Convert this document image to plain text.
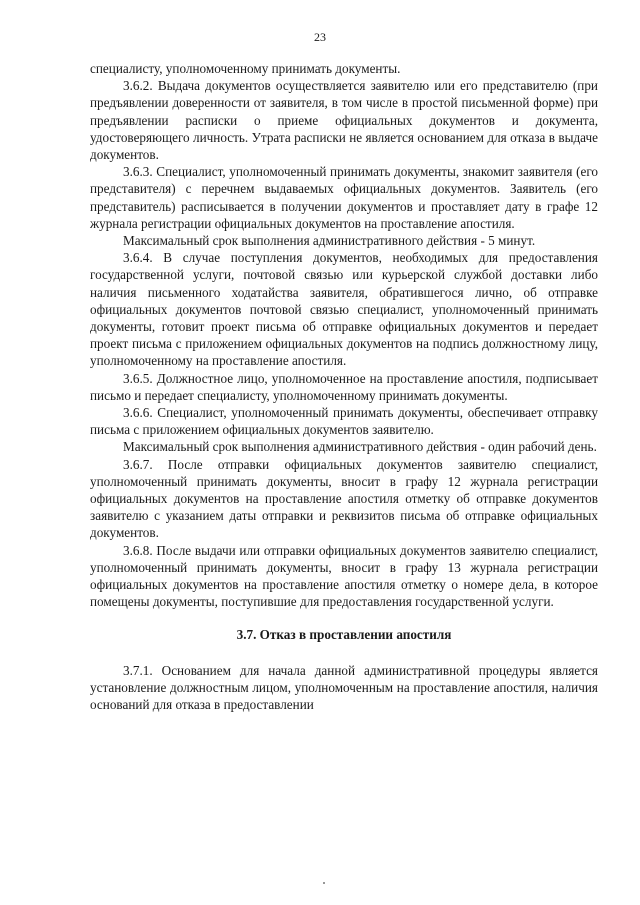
23

специалисту, уполномоченному принимать документы.

3.6.2. Выдача документов осуществляется заявителю или его представителю (при предъявлении доверенности от заявителя, в том числе в простой письменной форме) при предъявлении расписки о приеме официальных документов и документа, удостоверяющего личность. Утрата расписки не является основанием для отказа в выдаче документов.

3.6.3. Специалист, уполномоченный принимать документы, знакомит заявителя (его представителя) с перечнем выдаваемых официальных документов. Заявитель (его представитель) расписывается в получении документов и проставляет дату в графе 12 журнала регистрации официальных документов на проставление апостиля.

Максимальный срок выполнения административного действия - 5 минут.

3.6.4. В случае поступления документов, необходимых для предоставления государственной услуги, почтовой связью или курьерской службой доставки либо наличия письменного ходатайства заявителя, обратившегося лично, об отправке официальных документов почтовой связью специалист, уполномоченный принимать документы, готовит проект письма об отправке официальных документов и передает проект письма с приложением официальных документов на подпись должностному лицу, уполномоченному на проставление апостиля.

3.6.5. Должностное лицо, уполномоченное на проставление апостиля, подписывает письмо и передает специалисту, уполномоченному принимать документы.

3.6.6. Специалист, уполномоченный принимать документы, обеспечивает отправку письма с приложением официальных документов заявителю.

Максимальный срок выполнения административного действия - один рабочий день.

3.6.7. После отправки официальных документов заявителю специалист, уполномоченный принимать документы, вносит в графу 12 журнала регистрации официальных документов на проставление апостиля отметку об отправке документов заявителю с указанием даты отправки и реквизитов письма об отправке официальных документов.

3.6.8. После выдачи или отправки официальных документов заявителю специалист, уполномоченный принимать документы, вносит в графу 13 журнала регистрации официальных документов на проставление апостиля отметку о номере дела, в которое помещены документы, поступившие для предоставления государственной услуги.

3.7. Отказ в проставлении апостиля

3.7.1. Основанием для начала данной административной процедуры является установление должностным лицом, уполномоченным на проставление апостиля, наличия оснований для отказа в предоставлении
